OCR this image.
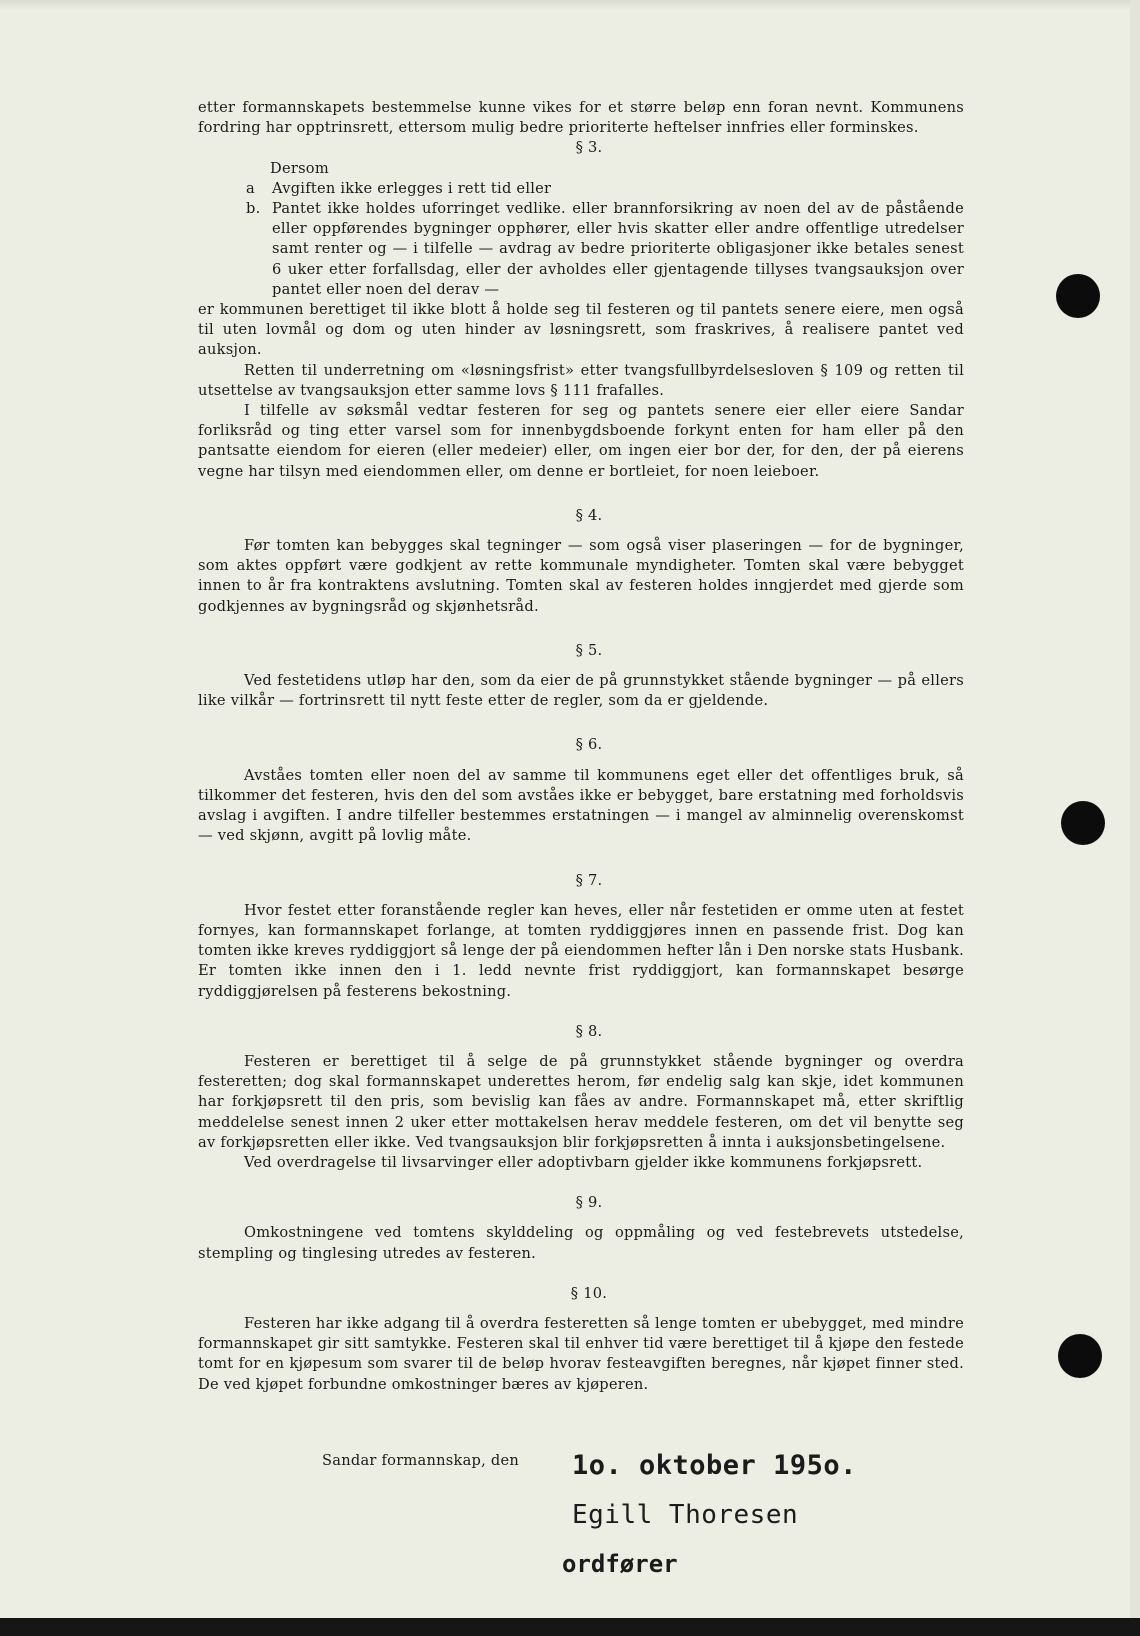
etter formannskapets bestemmelse kunne vikes for et større beløp enn foran nevnt. Kommunens fordring har opptrinsrett, ettersom mulig bedre prioriterte heftelser innfries eller forminskes.

§ 3.

Dersom

a	Avgiften ikke erlegges i rett tid eller
b. Pantet ikke holdes uforringet vedlike. eller brannforsikring av noen del av de påstående eller oppførendes bygninger opphører, eller hvis skatter eller andre offentlige utredelser samt renter og — i tilfelle — avdrag av bedre prioriterte obligasjoner ikke betales senest 6 uker etter forfallsdag, eller der avholdes eller gjentagende tillyses tvangsauksjon over pantet eller noen del derav —

er kommunen berettiget til ikke blott å holde seg til festeren og til pantets senere eiere, men også til uten lovmål og dom og uten hinder av løsningsrett, som fraskrives, å realisere pantet ved auksjon.

Retten til underretning om «løsningsfrist» etter tvangsfullbyrdelsesloven § 109 og retten til utsettelse av tvangsauksjon etter samme lovs § 111 frafalles.

I tilfelle av søksmål vedtar festeren for seg og pantets senere eier eller eiere Sandar forliksråd og ting etter varsel som for innenbygdsboende forkynt enten for ham eller på den pantsatte eiendom for eieren (eller medeier) eller, om ingen eier bor der, for den, der på eierens vegne har tilsyn med eiendommen eller, om denne er bortleiet, for noen leieboer.

§ 4.

Før tomten kan bebygges skal tegninger — som også viser plaseringen — for de bygninger, som aktes oppført være godkjent av rette kommunale myndigheter. Tomten skal være bebygget innen to år fra kontraktens avslutning. Tomten skal av festeren holdes inngjerdet med gjerde som godkjennes av bygningsråd og skjønhetsråd.

§ 5.

Ved festetidens utløp har den, som da eier de på grunnstykket stående bygninger — på ellers like vilkår — fortrinsrett til nytt feste etter de regler, som da er gjeldende.

§ 6.

Avståes tomten eller noen del av samme til kommunens eget eller det offentliges bruk, så tilkommer det festeren, hvis den del som avståes ikke er bebygget, bare erstatning med forholdsvis avslag i avgiften. I andre tilfeller bestemmes erstatningen — i mangel av alminnelig overenskomst — ved skjønn, avgitt på lovlig måte.

§ 7.

Hvor festet etter foranstående regler kan heves, eller når festetiden er omme uten at festet fornyes, kan formannskapet forlange, at tomten ryddiggjøres innen en passende frist. Dog kan tomten ikke kreves ryddiggjort så lenge der på eiendommen hefter lån i Den norske stats Husbank. Er tomten ikke innen den i 1. ledd nevnte frist ryddiggjort, kan formannskapet besørge ryddiggjørelsen på festerens bekostning.

§ 8.

Festeren er berettiget til å selge de på grunnstykket stående bygninger og overdra festeretten; dog skal formannskapet underettes herom, før endelig salg kan skje, idet kommunen har forkjøpsrett til den pris, som bevislig kan fåes av andre. Formannskapet må, etter skriftlig meddelelse senest innen 2 uker etter mottakelsen herav meddele festeren, om det vil benytte seg av forkjøpsretten eller ikke. Ved tvangsauksjon blir forkjøpsretten å innta i auksjonsbetingelsene.

Ved overdragelse til livsarvinger eller adoptivbarn gjelder ikke kommunens forkjøpsrett.

§ 9.

Omkostningene ved tomtens skylddeling og oppmåling og ved festebrevets utstedelse, stempling og tinglesing utredes av festeren.

§ 10.

Festeren har ikke adgang til å overdra festeretten så lenge tomten er ubebygget, med mindre formannskapet gir sitt samtykke. Festeren skal til enhver tid være berettiget til å kjøpe den festede tomt for en kjøpesum som svarer til de beløp hvorav festeavgiften beregnes, når kjøpet finner sted. De ved kjøpet forbundne omkostninger bæres av kjøperen.

Sandar formannskap, den 1o. oktober 195o.
Egill Thoresen
ordfører
